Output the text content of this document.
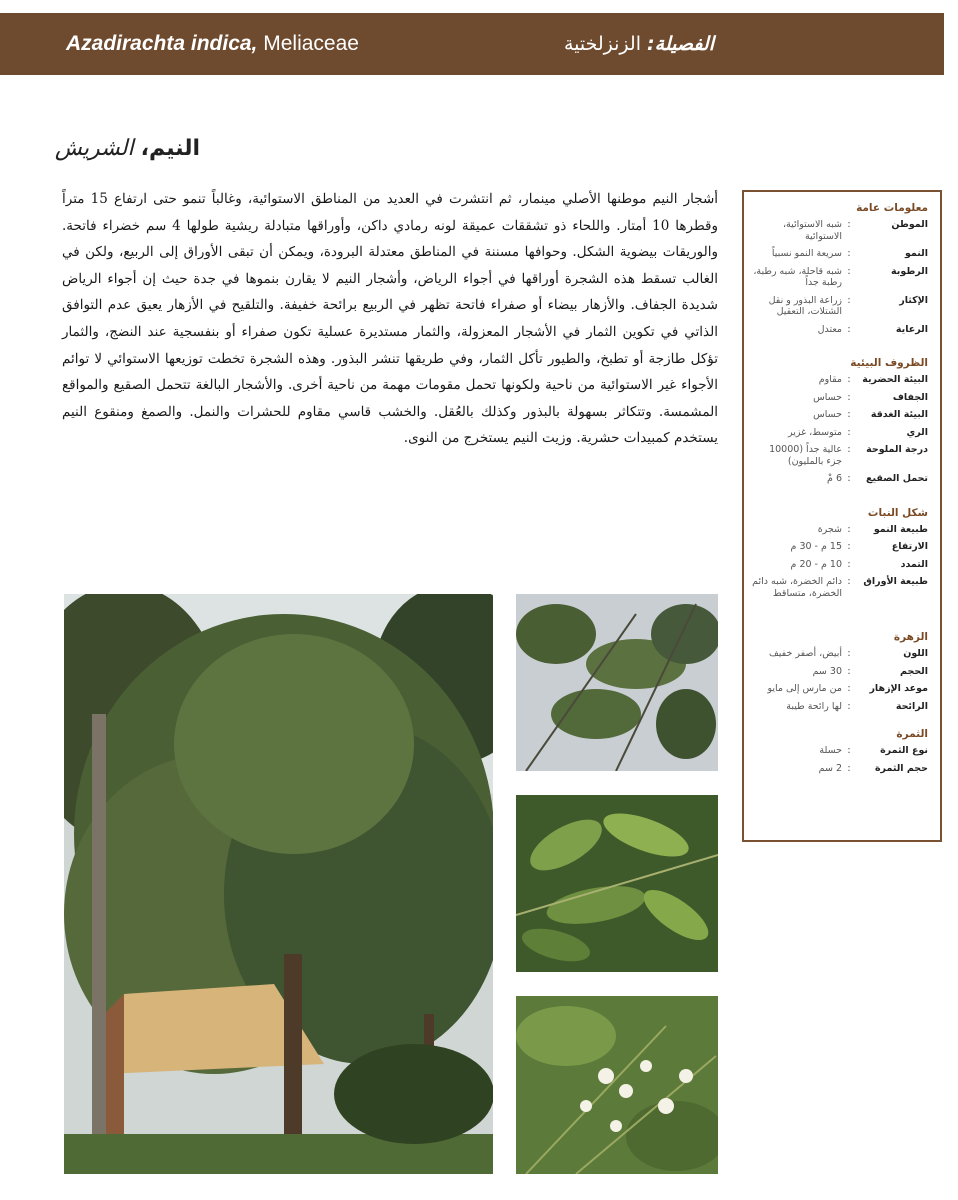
Azadirachta indica, Meliaceae	الفصيلة: الزنزلختية
النيم، الشريش

أشجار النيم موطنها الأصلي مينمار، ثم انتشرت في العديد من المناطق الاستوائية، وغالباً تنمو حتى ارتفاع 15 متراً وقطرها 10 أمتار. واللحاء ذو تشققات عميقة لونه رمادي داكن، وأوراقها متبادلة ريشية طولها 4 سم خضراء فاتحة. والوريقات بيضوية الشكل. وحوافها مسننة في المناطق معتدلة البرودة، ويمكن أن تبقى الأوراق إلى الربيع، ولكن في الغالب تسقط هذه الشجرة أوراقها في أجواء الرياض، وأشجار النيم لا يقارن بنموها في جدة حيث إن أجواء الرياض شديدة الجفاف. والأزهار بيضاء أو صفراء فاتحة تظهر في الربيع برائحة خفيفة. والتلقيح في الأزهار يعيق عدم التوافق الذاتي في تكوين الثمار في الأشجار المعزولة، والثمار مستديرة عسلية تكون صفراء أو بنفسجية عند النضج، والثمار تؤكل طازجة أو تطبخ، والطيور تأكل الثمار، وفي طريقها تنشر البذور. وهذه الشجرة تخطت توزيعها الاستوائي لا توائم الأجواء غير الاستوائية من ناحية ولكونها تحمل مقومات مهمة من ناحية أخرى. والأشجار البالغة تتحمل الصقيع والمواقع المشمسة. وتتكاثر بسهولة بالبذور وكذلك بالعُقل. والخشب قاسي مقاوم للحشرات والنمل. والصمغ ومنقوع النيم يستخدم كمبيدات حشرية. وزيت النيم يستخرج من النوى.

معلومات عامة
الموطن
:
شبه الاستوائية، الاستوائية
النمو
:
سريعة النمو نسبياً
الرطوبة
:
شبه قاحلة، شبه رطبة، رطبة جداً
الإكثار
:
زراعة البذور و نقل الشتلات، التعقيل
الرعاية
:
معتدل
الظروف البيئية
البيئة الحضرية
:
مقاوم
الجفاف
:
حساس
البيئة الغدقة
:
حساس
الري
:
متوسط، غزير
درجة الملوحة
:
عالية جداً (10000 جزء بالمليون)
تحمل الصقيع
:
6 مْ
شكل النبات
طبيعة النمو
:
شجرة
الارتفاع
:
15 م - 30 م
التمدد
:
10 م - 20 م
طبيعة الأوراق
:
دائم الخضرة، شبه دائم الخضرة، متساقط
الزهرة
اللون
:
أبيض، أصفر خفيف
الحجم
:
30 سم
موعد الإزهار
:
من مارس إلى مايو
الرائحة
:
لها رائحة طيبة
الثمرة
نوع الثمرة
:
حسلة
حجم الثمرة
:
2 سم
